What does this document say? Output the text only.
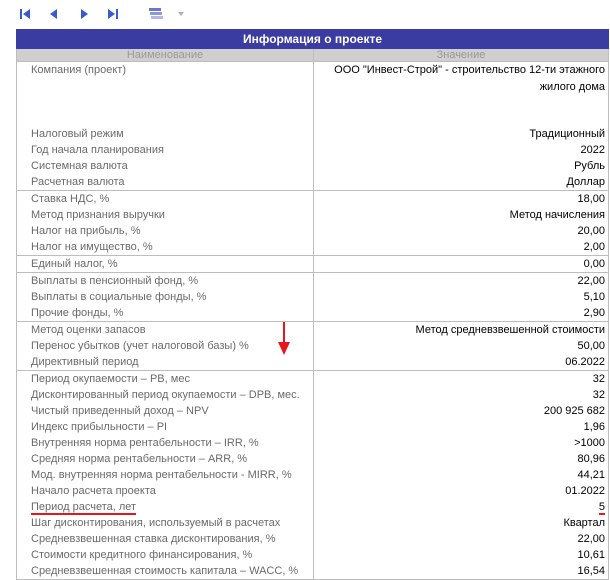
Информация о проекте	
Наименование	Значение
Компания (проект)	ООО "Инвест-Строй" - строительство 12-ти этажного жилого дома
Налоговый режим	Традиционный
Год начала планирования	2022
Системная валюта	Рубль
Расчетная валюта	Доллар
Ставка НДС, %	18,00
Метод признания выручки	Метод начисления
Налог на прибыль, %	20,00
Налог на имущество, %	2,00
Единый налог, %	0,00
Выплаты в пенсионный фонд, %	22,00
Выплаты в социальные фонды, %	5,10
Прочие фонды, %	2,90
Метод оценки запасов	Метод средневзвешенной стоимости
Перенос убытков (учет налоговой базы) %	50,00
Директивный период	06.2022
Период окупаемости – PB, мес	32
Дисконтированный период окупаемости – DPB, мес.	32
Чистый приведенный доход – NPV	200 925 682
Индекс прибыльности – PI	1,96
Внутренняя норма рентабельности – IRR, %	>1000
Средняя норма рентабельности – ARR, %	80,96
Мод. внутренняя норма рентабельности - MIRR, %	44,21
Начало расчета проекта	01.2022
Период расчета, лет	5
Шаг дисконтирования, используемый в расчетах	Квартал
Средневзвешенная ставка дисконтирования, %	22,00
Стоимости кредитного финансирования, %	10,61
Средневзвешенная стоимость капитала – WACC, %	16,54
